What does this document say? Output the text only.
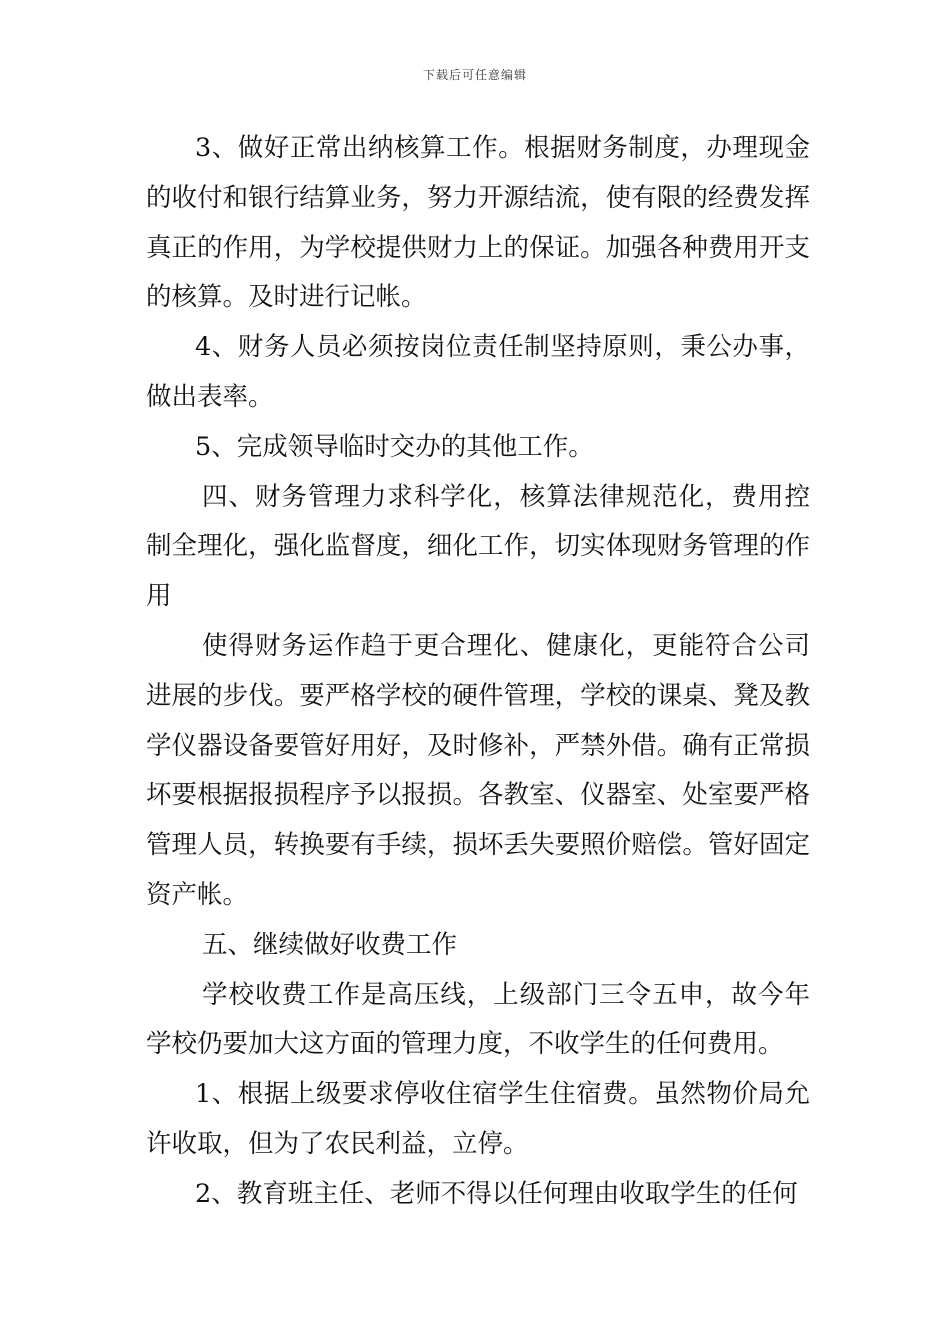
下载后可任意编辑

3、做好正常出纳核算工作。根据财务制度，办理现金的收付和银行结算业务，努力开源结流，使有限的经费发挥真正的作用，为学校提供财力上的保证。加强各种费用开支的核算。及时进行记帐。

4、财务人员必须按岗位责任制坚持原则，秉公办事，做出表率。

5、完成领导临时交办的其他工作。

四、财务管理力求科学化，核算法律规范化，费用控制全理化，强化监督度，细化工作，切实体现财务管理的作用

使得财务运作趋于更合理化、健康化，更能符合公司进展的步伐。要严格学校的硬件管理，学校的课桌、凳及教学仪器设备要管好用好，及时修补，严禁外借。确有正常损坏要根据报损程序予以报损。各教室、仪器室、处室要严格管理人员，转换要有手续，损坏丢失要照价赔偿。管好固定资产帐。

五、继续做好收费工作

学校收费工作是高压线，上级部门三令五申，故今年学校仍要加大这方面的管理力度，不收学生的任何费用。

1、根据上级要求停收住宿学生住宿费。虽然物价局允许收取，但为了农民利益，立停。

2、教育班主任、老师不得以任何理由收取学生的任何
